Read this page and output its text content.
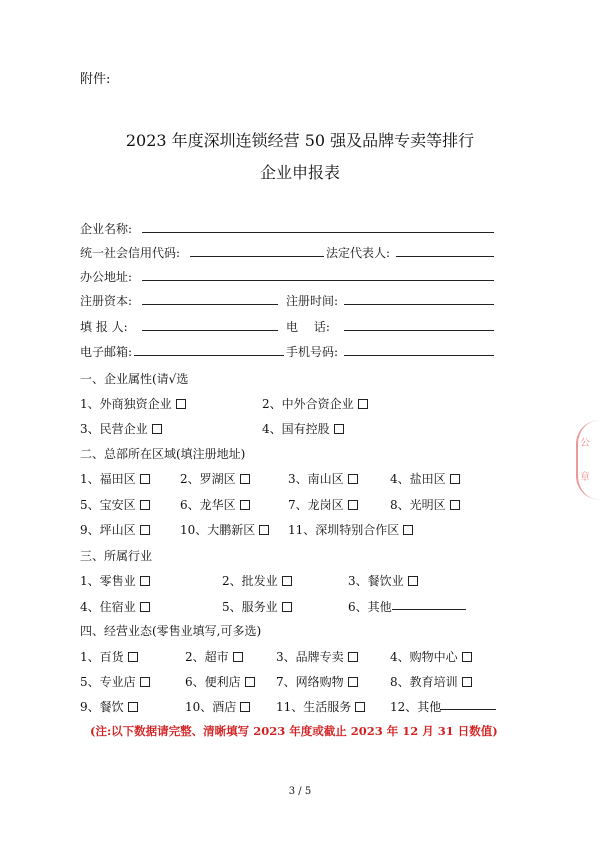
附件:
2023 年度深圳连锁经营 50 强及品牌专卖等排行
企业申报表
企业名称:
统一社会信用代码:	法定代表人:
办公地址:
注册资本:	注册时间:
填 报 人:	电　 话:
电子邮箱:	手机号码:
一、企业属性(请√选
1、外商独资企业	2、中外合资企业
3、民营企业	4、国有控股
二、总部所在区域(填注册地址)
1、福田区	2、罗湖区	3、南山区	4、盐田区
5、宝安区	6、龙华区	7、龙岗区	8、光明区
9、坪山区	10、大鹏新区	11、深圳特别合作区
三、所属行业
1、零售业	2、批发业	3、餐饮业
4、住宿业	5、服务业	6、其他
四、经营业态(零售业填写,可多选)
1、百货	2、超市	3、品牌专卖	4、购物中心
5、专业店	6、便利店	7、网络购物	8、教育培训
9、餐饮	10、酒店	11、生活服务	12、其他
(注:以下数据请完整、清晰填写 2023 年度或截止 2023 年 12 月 31 日数值)
3 / 5
公
章
